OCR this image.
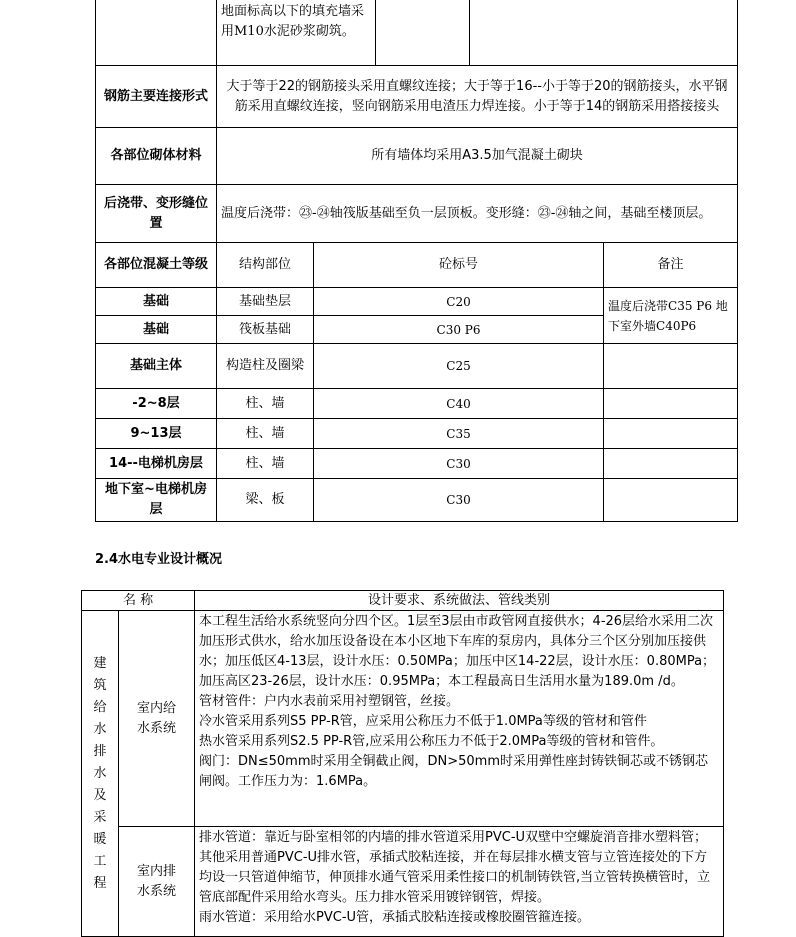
	地面标高以下的填充墙采用M10水泥砂浆砌筑。				
钢筋主要连接形式	大于等于22的钢筋接头采用直螺纹连接；大于等于16--小于等于20的钢筋接头，水平钢筋采用直螺纹连接，竖向钢筋采用电渣压力焊连接。小于等于14的钢筋采用搭接接头				
各部位砌体材料	所有墙体均采用A3.5加气混凝土砌块				
后浇带、变形缝位置	温度后浇带：㉓-㉔轴筏版基础至负一层顶板。变形缝：㉓-㉔轴之间，基础至楼顶层。				
各部位混凝土等级	结构部位	砼标号			备注
基础	基础垫层	C20			温度后浇带C35 P6 地下室外墙C40P6
基础	筏板基础	C30 P6			
基础主体	构造柱及圈梁	C25			
-2~8层	柱、墙	C40			
9~13层	柱、墙	C35			
14--电梯机房层	柱、墙	C30			
地下室~电梯机房层	梁、板	C30			
2.4水电专业设计概况
名 称		设计要求、系统做法、管线类别
建筑给水排水及采暖工程	室内给水系统	本工程生活给水系统竖向分四个区。1层至3层由市政管网直接供水；4-26层给水采用二次加压形式供水，给水加压设备设在本小区地下车库的泵房内，具体分三个区分别加压接供水；加压低区4-13层，设计水压：0.50MPa；加压中区14-22层，设计水压：0.80MPa；加压高区23-26层，设计水压：0.95MPa；本工程最高日生活用水量为189.0m /d。
管材管件：户内水表前采用衬塑钢管，丝接。
冷水管采用系列S5 PP-R管，应采用公称压力不低于1.0MPa等级的管材和管件
热水管采用系列S2.5 PP-R管,应采用公称压力不低于2.0MPa等级的管材和管件。
阀门：DN≤50mm时采用全铜截止阀，DN>50mm时采用弹性座封铸铁铜芯或不锈钢芯闸阀。工作压力为：1.6MPa。

	室内排水系统	排水管道：靠近与卧室相邻的内墙的排水管道采用PVC-U双壁中空螺旋消音排水塑料管；其他采用普通PVC-U排水管，承插式胶粘连接，并在每层排水横支管与立管连接处的下方均设一只管道伸缩节，伸顶排水通气管采用柔性接口的机制铸铁管,当立管转换横管时，立管底部配件采用给水弯头。压力排水管采用镀锌钢管，焊接。
雨水管道：采用给水PVC-U管，承插式胶粘连接或橡胶圈管箍连接。
